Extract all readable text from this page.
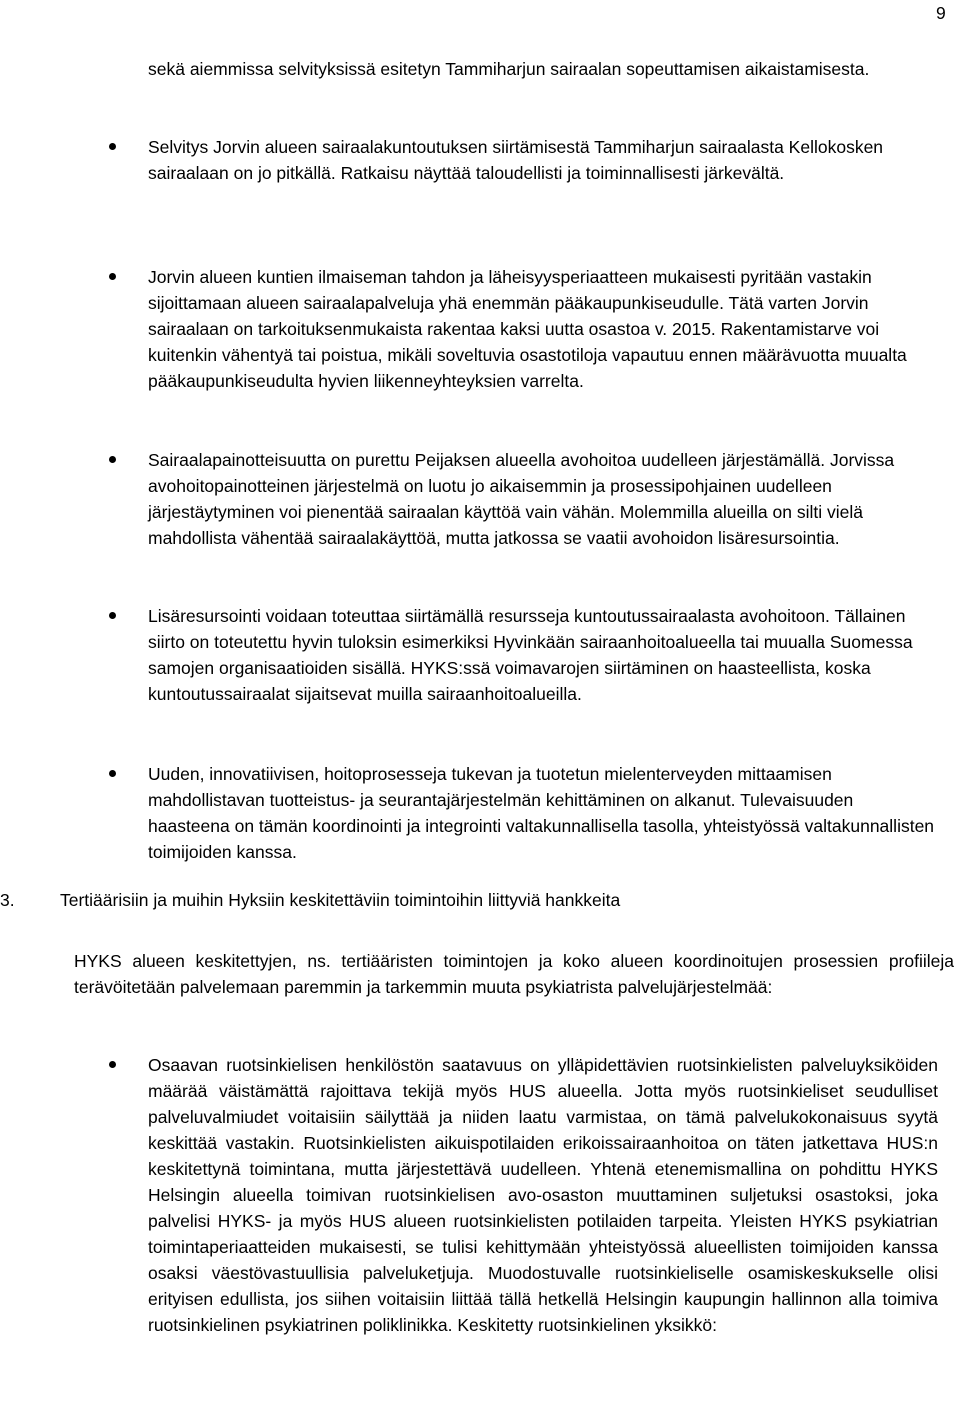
9

sekä aiemmissa selvityksissä esitetyn Tammiharjun sairaalan sopeuttamisen aikaistamisesta.

Selvitys Jorvin alueen sairaalakuntoutuksen siirtämisestä Tammiharjun sairaalasta Kellokosken sairaalaan on jo pitkällä. Ratkaisu näyttää taloudellisti ja toiminnallisesti järkevältä.
Jorvin alueen kuntien ilmaiseman tahdon ja läheisyysperiaatteen mukaisesti pyritään vastakin sijoittamaan alueen sairaalapalveluja yhä enemmän pääkaupunkiseudulle. Tätä varten Jorvin sairaalaan on tarkoituksenmukaista rakentaa kaksi uutta osastoa v. 2015. Rakentamistarve voi kuitenkin vähentyä tai poistua, mikäli soveltuvia osastotiloja vapautuu ennen määrävuotta muualta pääkaupunkiseudulta hyvien liikenneyhteyksien varrelta.
Sairaalapainotteisuutta on purettu Peijaksen alueella avohoitoa uudelleen järjestämällä. Jorvissa avohoitopainotteinen järjestelmä on luotu jo aikaisemmin ja prosessipohjainen uudelleen järjestäytyminen voi pienentää sairaalan käyttöä vain vähän. Molemmilla alueilla on silti vielä mahdollista vähentää sairaalakäyttöä, mutta jatkossa se vaatii avohoidon lisäresursointia.
Lisäresursointi voidaan toteuttaa siirtämällä resursseja kuntoutussairaalasta avohoitoon. Tällainen siirto on toteutettu hyvin tuloksin esimerkiksi Hyvinkään sairaanhoitoalueella tai muualla Suomessa samojen organisaatioiden sisällä. HYKS:ssä voimavarojen siirtäminen on haasteellista, koska kuntoutussairaalat sijaitsevat muilla sairaanhoitoalueilla.
Uuden, innovatiivisen, hoitoprosesseja tukevan ja tuotetun mielenterveyden mittaamisen mahdollistavan tuotteistus- ja seurantajärjestelmän kehittäminen on alkanut. Tulevaisuuden haasteena on tämän koordinointi ja integrointi valtakunnallisella tasolla, yhteistyössä valtakunnallisten toimijoiden kanssa.
3.	Tertiäärisiin ja muihin Hyksiin keskitettäviin toimintoihin liittyviä hankkeita

HYKS alueen keskitettyjen, ns. tertiääristen toimintojen ja koko alueen koordinoitujen prosessien profiileja terävöitetään palvelemaan paremmin ja tarkemmin muuta psykiatrista palvelujärjestelmää:

Osaavan ruotsinkielisen henkilöstön saatavuus on ylläpidettävien ruotsinkielisten palveluyksiköiden määrää väistämättä rajoittava tekijä myös HUS alueella. Jotta myös ruotsinkieliset seudulliset palveluvalmiudet voitaisiin säilyttää ja niiden laatu varmistaa, on tämä palvelukokonaisuus syytä keskittää vastakin. Ruotsinkielisten aikuispotilaiden erikoissairaanhoitoa on täten jatkettava HUS:n keskitettynä toimintana, mutta järjestettävä uudelleen. Yhtenä etenemismallina on pohdittu HYKS Helsingin alueella toimivan ruotsinkielisen avo-osaston muuttaminen suljetuksi osastoksi, joka palvelisi HYKS- ja myös HUS alueen ruotsinkielisten potilaiden tarpeita. Yleisten HYKS psykiatrian toimintaperiaatteiden mukaisesti, se tulisi kehittymään yhteistyössä alueellisten toimijoiden kanssa osaksi väestövastuullisia palveluketjuja. Muodostuvalle ruotsinkieliselle osamiskeskukselle olisi erityisen edullista, jos siihen voitaisiin liittää tällä hetkellä Helsingin kaupungin hallinnon alla toimiva ruotsinkielinen psykiatrinen poliklinikka. Keskitetty ruotsinkielinen yksikkö:
